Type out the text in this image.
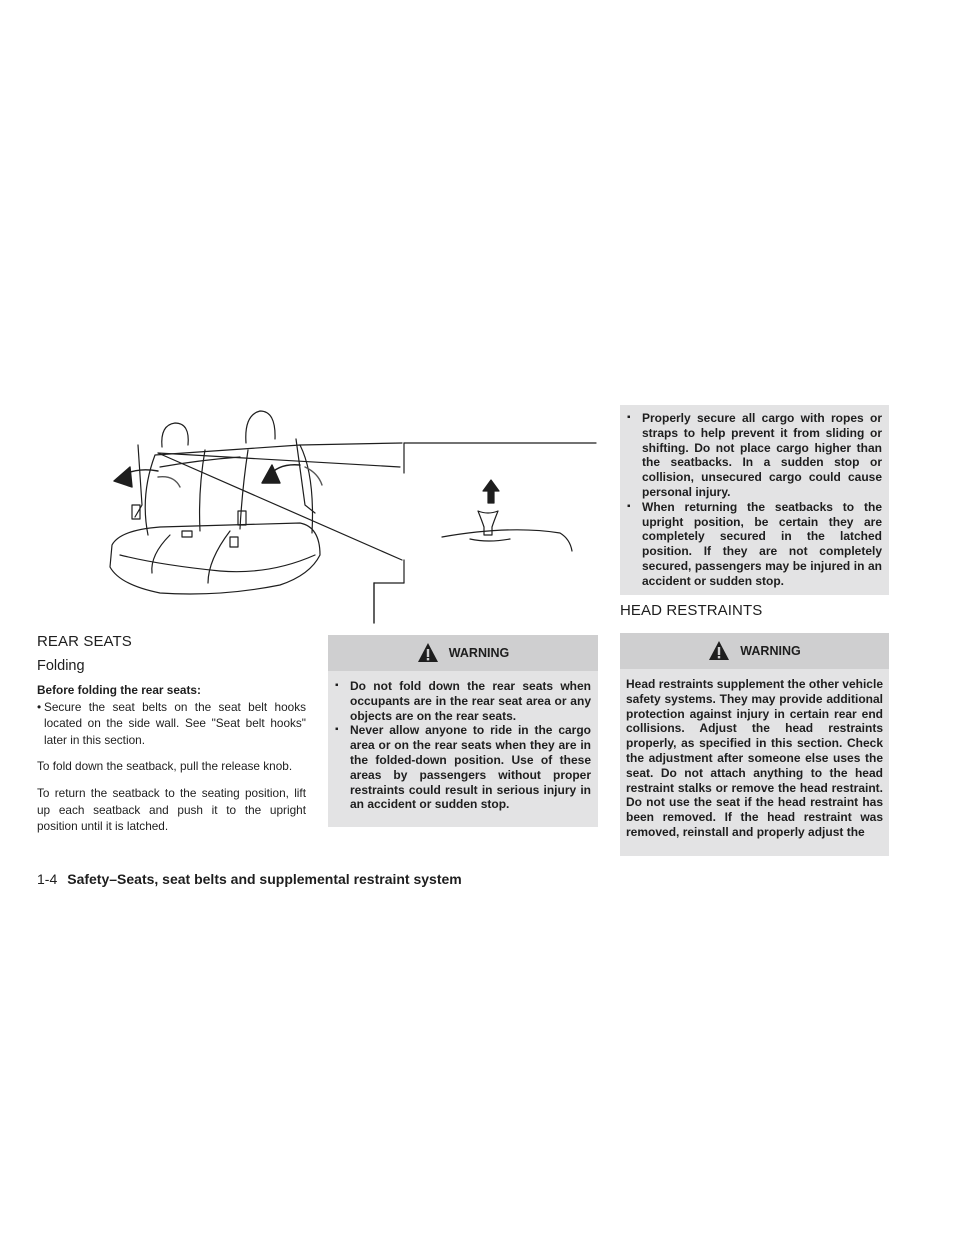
REAR SEATS
Folding

Before folding the rear seats:

• Secure the seat belts on the seat belt hooks located on the side wall. See "Seat belt hooks" later in this section.

To fold down the seatback, pull the release knob.

To return the seatback to the seating position, lift up each seatback and push it to the upright position until it is latched.

WARNING
▪ Do not fold down the rear seats when occupants are in the rear seat area or any objects are on the rear seats.
▪ Never allow anyone to ride in the cargo area or on the rear seats when they are in the folded-down position. Use of these areas by passengers without proper restraints could result in serious injury in an accident or sudden stop.
▪ Properly secure all cargo with ropes or straps to help prevent it from sliding or shifting. Do not place cargo higher than the seatbacks. In a sudden stop or collision, unsecured cargo could cause personal injury.
▪ When returning the seatbacks to the upright position, be certain they are completely secured in the latched position. If they are not completely secured, passengers may be injured in an accident or sudden stop.
HEAD RESTRAINTS
WARNING

Head restraints supplement the other vehicle safety systems. They may provide additional protection against injury in certain rear end collisions. Adjust the head restraints properly, as specified in this section. Check the adjustment after someone else uses the seat. Do not attach anything to the head restraint stalks or remove the head restraint. Do not use the seat if the head restraint has been removed. If the head restraint was removed, reinstall and properly adjust the

1-4 Safety–Seats, seat belts and supplemental restraint system
